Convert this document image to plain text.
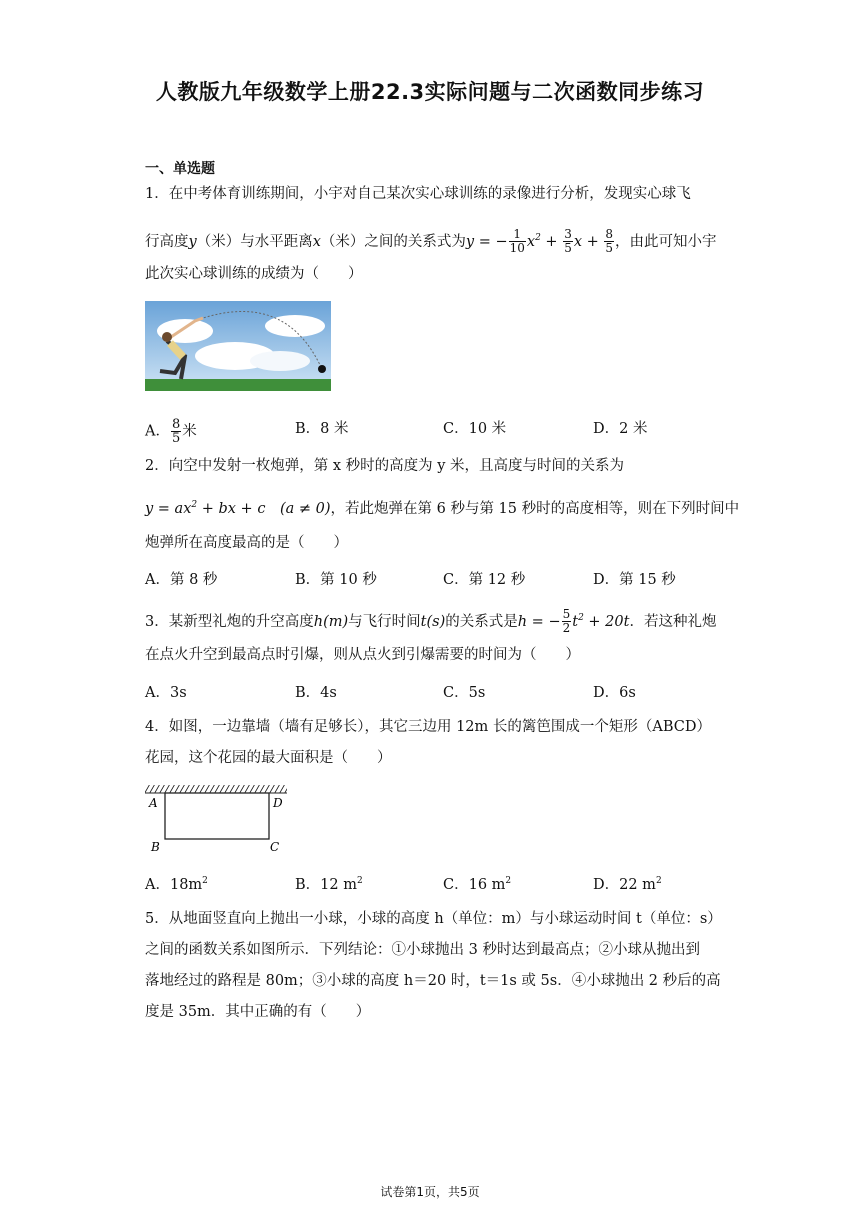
人教版九年级数学上册22.3实际问题与二次函数同步练习
一、单选题
1．在中考体育训练期间，小宇对自己某次实心球训练的录像进行分析，发现实心球飞
行高度y（米）与水平距离x（米）之间的关系式为y = − $\frac{1}{10} x^2 + \frac{3}{5}$ $x + \frac{8}{5}$ ，由此可知小宇
此次实心球训练的成绩为（　　）
A． $\frac{8}{5}$ 米	B．8 米	C．10 米	D．2 米
2．向空中发射一枚炮弹，第 x 秒时的高度为 y 米，且高度与时间的关系为
$y = ax^2$ + bx + c　(a ≠ 0)，若此炮弹在第 6 秒与第 15 秒时的高度相等，则在下列时间中
炮弹所在高度最高的是（　　）
A．第 8 秒	B．第 10 秒	C．第 12 秒	D．第 15 秒
3．某新型礼炮的升空高度h(m)与飞行时间t(s)的关系式是h = − $\frac{5}{2} t^2 + 20t$．若这种礼炮
在点火升空到最高点时引爆，则从点火到引爆需要的时间为（　　）
A．3s	B．4s	C．5s	D．6s
4．如图，一边靠墙（墙有足够长），其它三边用 12m 长的篱笆围成一个矩形（ABCD）
花园，这个花园的最大面积是（　　）
A	D
B	C
A．$18m^2$	B．12 $m^2$	C．16 $m^2$	D．22 $m^2$
5．从地面竖直向上抛出一小球，小球的高度 h（单位：m）与小球运动时间 t（单位：s）
之间的函数关系如图所示．下列结论：①小球抛出 3 秒时达到最高点；②小球从抛出到
落地经过的路程是 80m；③小球的高度 h＝20 时，t＝1s 或 5s．④小球抛出 2 秒后的高
度是 35m．其中正确的有（　　）
试卷第1页，共5页
